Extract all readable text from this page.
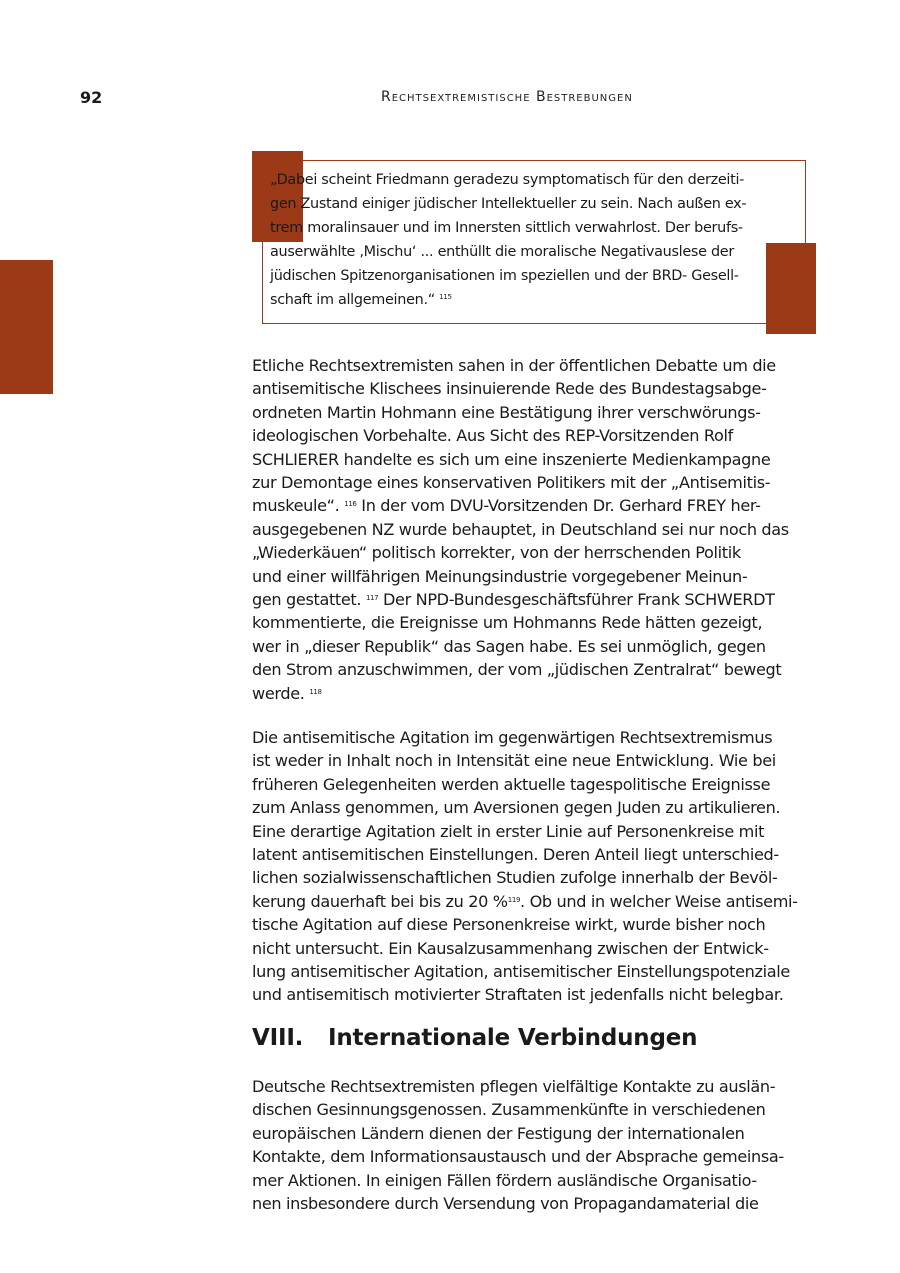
92	Rechtsextremistische Bestrebungen
„Dabei scheint Friedmann geradezu symptomatisch für den derzeiti-
gen Zustand einiger jüdischer Intellektueller zu sein. Nach außen ex-
trem moralinsauer und im Innersten sittlich verwahrlost. Der berufs-
auserwählte ‚Mischu‘ ... enthüllt die moralische Negativauslese der
jüdischen Spitzenorganisationen im speziellen und der BRD- Gesell-
schaft im allgemeinen.“ $^{115}$
Etliche Rechtsextremisten sahen in der öffentlichen Debatte um die
antisemitische Klischees insinuierende Rede des Bundestagsabge-
ordneten Martin Hohmann eine Bestätigung ihrer verschwörungs-
ideologischen Vorbehalte. Aus Sicht des REP-Vorsitzenden Rolf
SCHLIERER handelte es sich um eine inszenierte Medienkampagne
zur Demontage eines konservativen Politikers mit der „Antisemitis-
muskeule“. $^{116}$ In der vom DVU-Vorsitzenden Dr. Gerhard FREY her-
ausgegebenen NZ wurde behauptet, in Deutschland sei nur noch das
„Wiederkäuen“ politisch korrekter, von der herrschenden Politik
und einer willfährigen Meinungsindustrie vorgegebener Meinun-
gen gestattet. $^{117}$ Der NPD-Bundesgeschäftsführer Frank SCHWERDT
kommentierte, die Ereignisse um Hohmanns Rede hätten gezeigt,
wer in „dieser Republik“ das Sagen habe. Es sei unmöglich, gegen
den Strom anzuschwimmen, der vom „jüdischen Zentralrat“ bewegt
werde. $^{118}$
Die antisemitische Agitation im gegenwärtigen Rechtsextremismus
ist weder in Inhalt noch in Intensität eine neue Entwicklung. Wie bei
früheren Gelegenheiten werden aktuelle tagespolitische Ereignisse
zum Anlass genommen, um Aversionen gegen Juden zu artikulieren.
Eine derartige Agitation zielt in erster Linie auf Personenkreise mit
latent antisemitischen Einstellungen. Deren Anteil liegt unterschied-
lichen sozialwissenschaftlichen Studien zufolge innerhalb der Bevöl-
kerung dauerhaft bei bis zu 20 %$^{119}$. Ob und in welcher Weise antisemi-
tische Agitation auf diese Personenkreise wirkt, wurde bisher noch
nicht untersucht. Ein Kausalzusammenhang zwischen der Entwick-
lung antisemitischer Agitation, antisemitischer Einstellungspotenziale
und antisemitisch motivierter Straftaten ist jedenfalls nicht belegbar.
VIII. Internationale Verbindungen
Deutsche Rechtsextremisten pflegen vielfältige Kontakte zu auslän-
dischen Gesinnungsgenossen. Zusammenkünfte in verschiedenen
europäischen Ländern dienen der Festigung der internationalen
Kontakte, dem Informationsaustausch und der Absprache gemeinsa-
mer Aktionen. In einigen Fällen fördern ausländische Organisatio-
nen insbesondere durch Versendung von Propagandamaterial die
